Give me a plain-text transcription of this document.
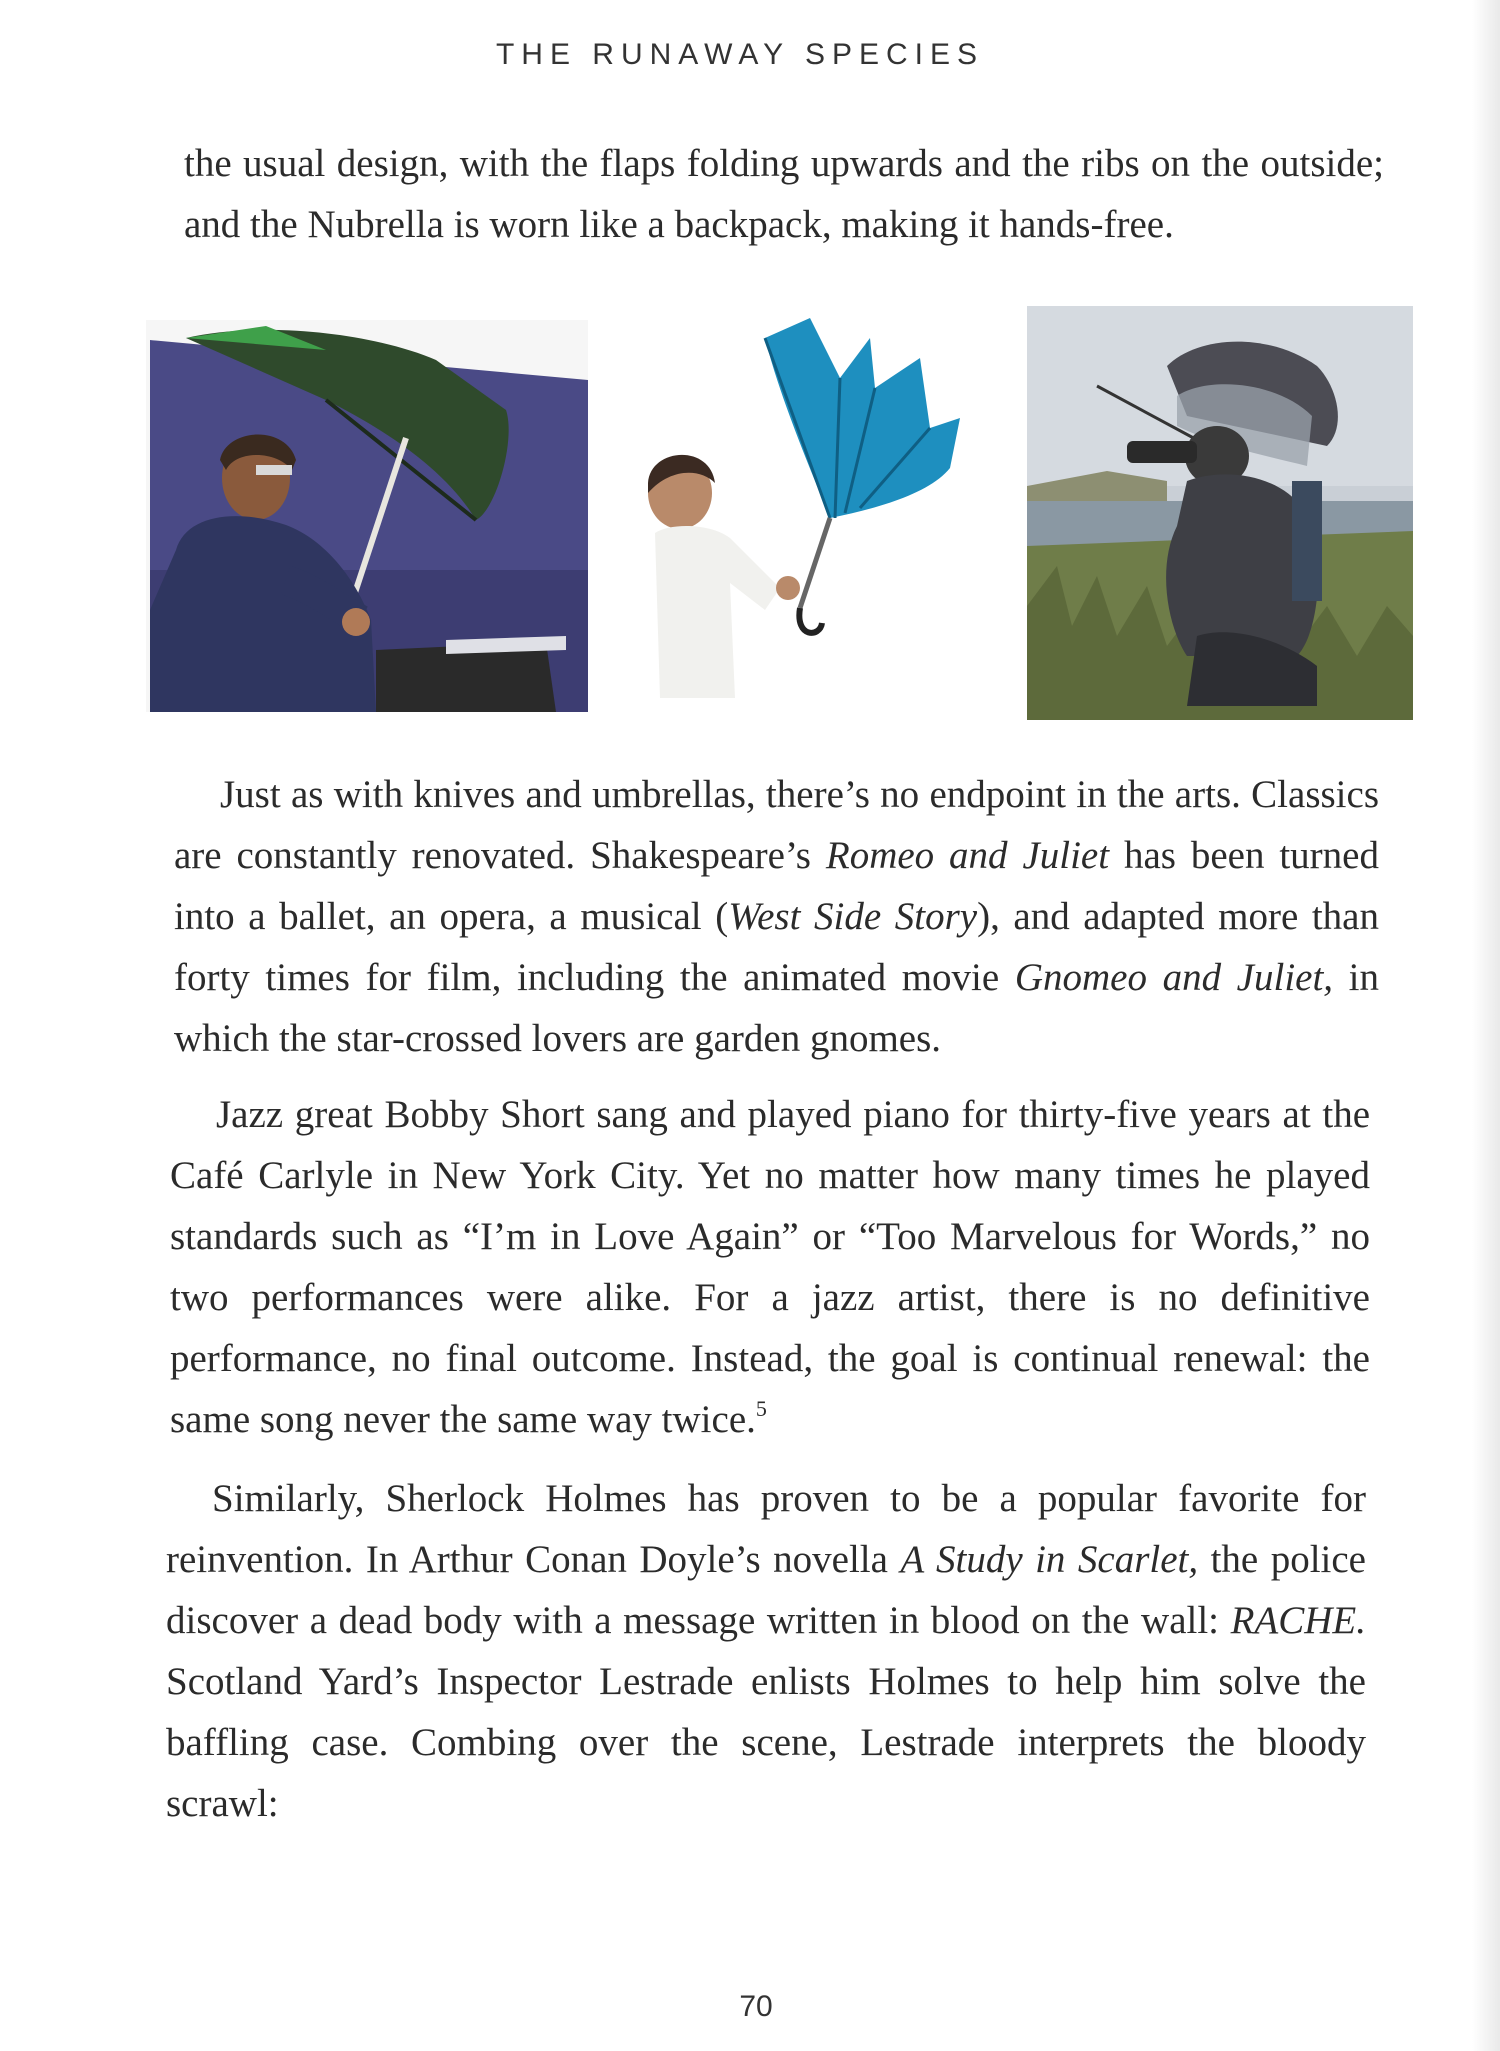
THE RUNAWAY SPECIES

the usual design, with the flaps folding upwards and the ribs on the outside; and the Nubrella is worn like a backpack, making it hands-free.

Just as with knives and umbrellas, there’s no endpoint in the arts. Classics are constantly renovated. Shakespeare’s Romeo and Juliet has been turned into a ballet, an opera, a musical (West Side Story), and adapted more than forty times for film, including the animated movie Gnomeo and Juliet, in which the star-crossed lovers are garden gnomes.

Jazz great Bobby Short sang and played piano for thirty-five years at the Café Carlyle in New York City. Yet no matter how many times he played standards such as “I’m in Love Again” or “Too Marvelous for Words,” no two performances were alike. For a jazz artist, there is no definitive performance, no final outcome. Instead, the goal is continual renewal: the same song never the same way twice.$^5$

Similarly, Sherlock Holmes has proven to be a popular favorite for reinvention. In Arthur Conan Doyle’s novella A Study in Scarlet, the police discover a dead body with a message written in blood on the wall: RACHE. Scotland Yard’s Inspector Lestrade enlists Holmes to help him solve the baffling case. Combing over the scene, Lestrade interprets the bloody scrawl:

70
